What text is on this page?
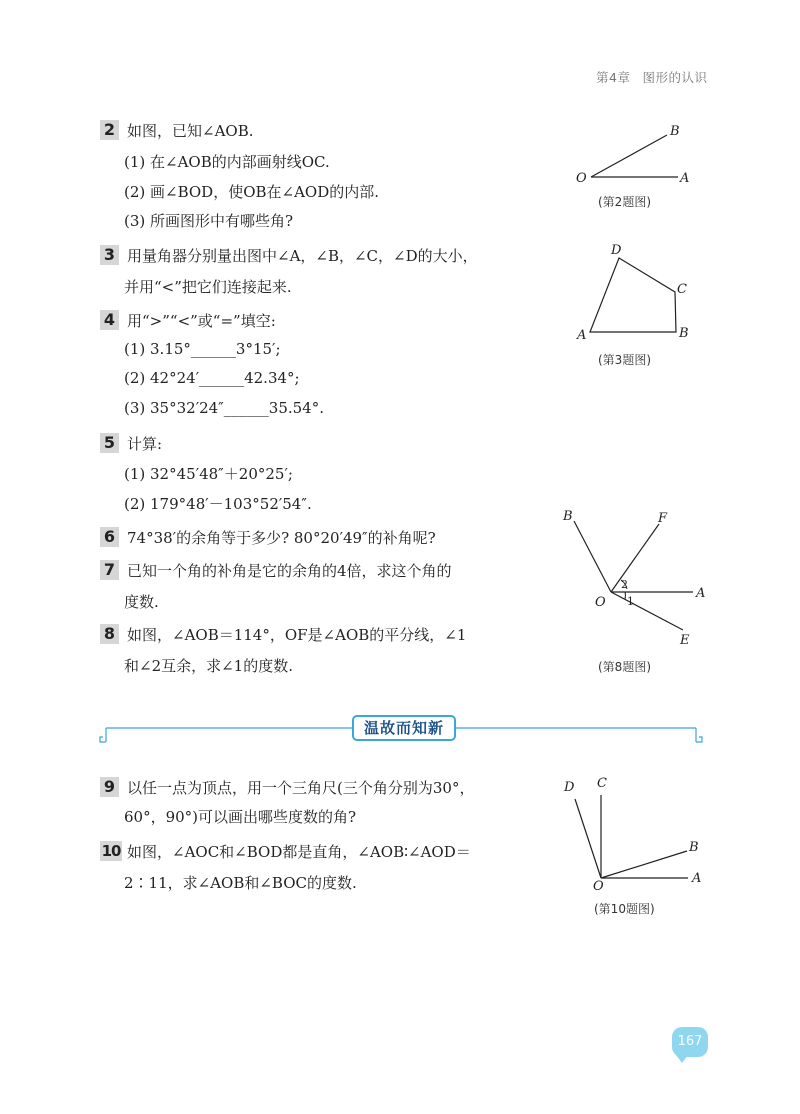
第4章 图形的认识
2 如图，已知∠AOB.
(1) 在∠AOB的内部画射线OC.
(2) 画∠BOD，使OB在∠AOD的内部.
(3) 所画图形中有哪些角?
3 用量角器分别量出图中∠A，∠B，∠C，∠D的大小，
并用“<”把它们连接起来.
4 用“>”“<”或“=”填空:
(1) 3.15°______3°15′;
(2) 42°24′______42.34°;
(3) 35°32′24″______35.54°.
5 计算:
(1) 32°45′48″＋20°25′;
(2) 179°48′－103°52′54″.
6 74°38′的余角等于多少? 80°20′49″的补角呢?
7 已知一个角的补角是它的余角的4倍，求这个角的
度数.
8 如图，∠AOB＝114°，OF是∠AOB的平分线，∠1
和∠2互余，求∠1的度数.
温故而知新
9 以任一点为顶点，用一个三角尺(三个角分别为30°，
60°，90°)可以画出哪些度数的角?
10 如图，∠AOC和∠BOD都是直角，∠AOB∶∠AOD＝
2∶11，求∠AOB和∠BOC的度数.
O	A
B
(第2题图)
D
C
B
A
(第3题图)
B	F
A
E
O
2
1
(第8题图)
C
D
B
A
O
(第10题图)
167
